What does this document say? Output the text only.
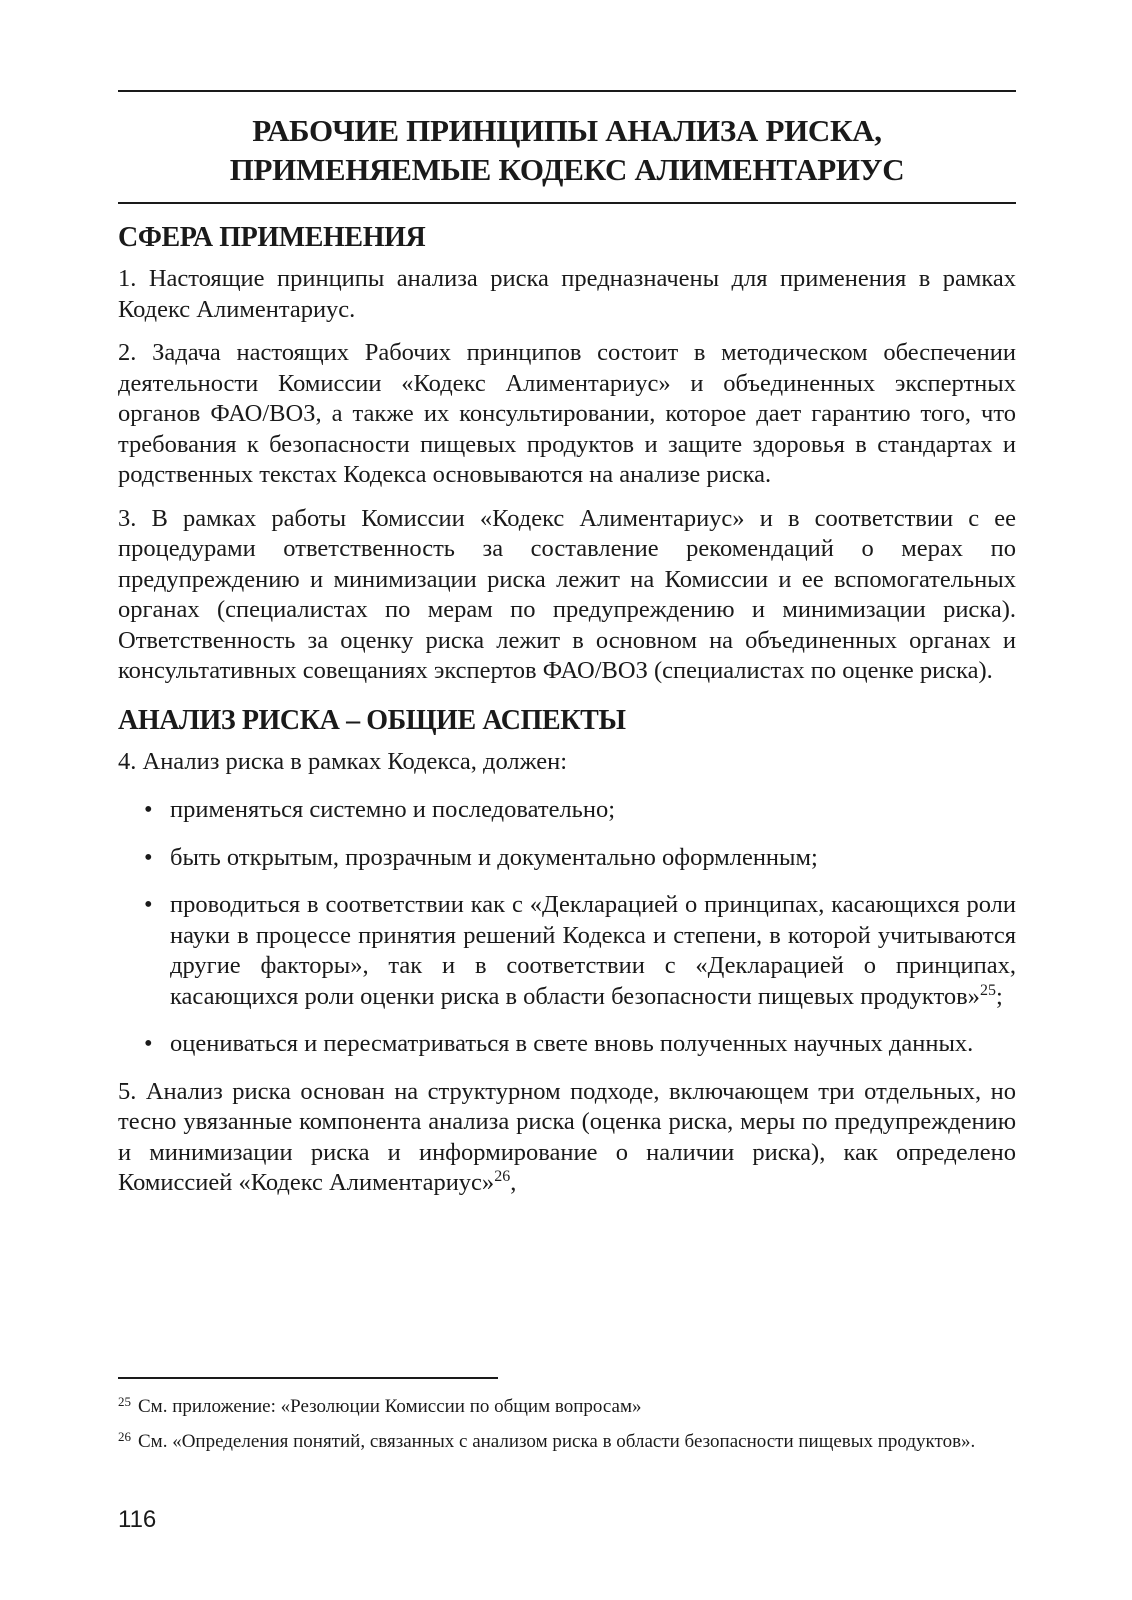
РАБОЧИЕ ПРИНЦИПЫ АНАЛИЗА РИСКА,
ПРИМЕНЯЕМЫЕ КОДЕКС АЛИМЕНТАРИУС
СФЕРА ПРИМЕНЕНИЯ

1. Настоящие принципы анализа риска предназначены для применения в рамках Кодекс Алиментариус.

2. Задача настоящих Рабочих принципов состоит в методическом обеспечении деятельности Комиссии «Кодекс Алиментариус» и объединенных экспертных органов ФАО/ВОЗ, а также их консультировании, которое дает гарантию того, что требования к безопасности пищевых продуктов и защите здоровья в стандартах и родственных текстах Кодекса основываются на анализе риска.

3. В рамках работы Комиссии «Кодекс Алиментариус» и в соответствии с ее процедурами ответственность за составление рекомендаций о мерах по предупреждению и минимизации риска лежит на Комиссии и ее вспомогательных органах (специалистах по мерам по предупреждению и минимизации риска). Ответственность за оценку риска лежит в основном на объединенных органах и консультативных совещаниях экспертов ФАО/ВОЗ (специалистах по оценке риска).

АНАЛИЗ РИСКА – ОБЩИЕ АСПЕКТЫ

4. Анализ риска в рамках Кодекса, должен:

• применяться системно и последовательно;
• быть открытым, прозрачным и документально оформленным;
• проводиться в соответствии как с «Декларацией о принципах, касающихся роли науки в процессе принятия решений Кодекса и степени, в которой учитываются другие факторы», так и в соответствии с «Декларацией о принципах, касающихся роли оценки риска в области безопасности пищевых продуктов»$^{25}$;
• оцениваться и пересматриваться в свете вновь полученных научных данных.

5. Анализ риска основан на структурном подходе, включающем три отдельных, но тесно увязанные компонента анализа риска (оценка риска, меры по предупреждению и минимизации риска и информирование о наличии риска), как определено Комиссией «Кодекс Алиментариус»$^{26}$,

25 См. приложение: «Резолюции Комиссии по общим вопросам»

26 См. «Определения понятий, связанных с анализом риска в области безопасности пищевых продуктов».

116
